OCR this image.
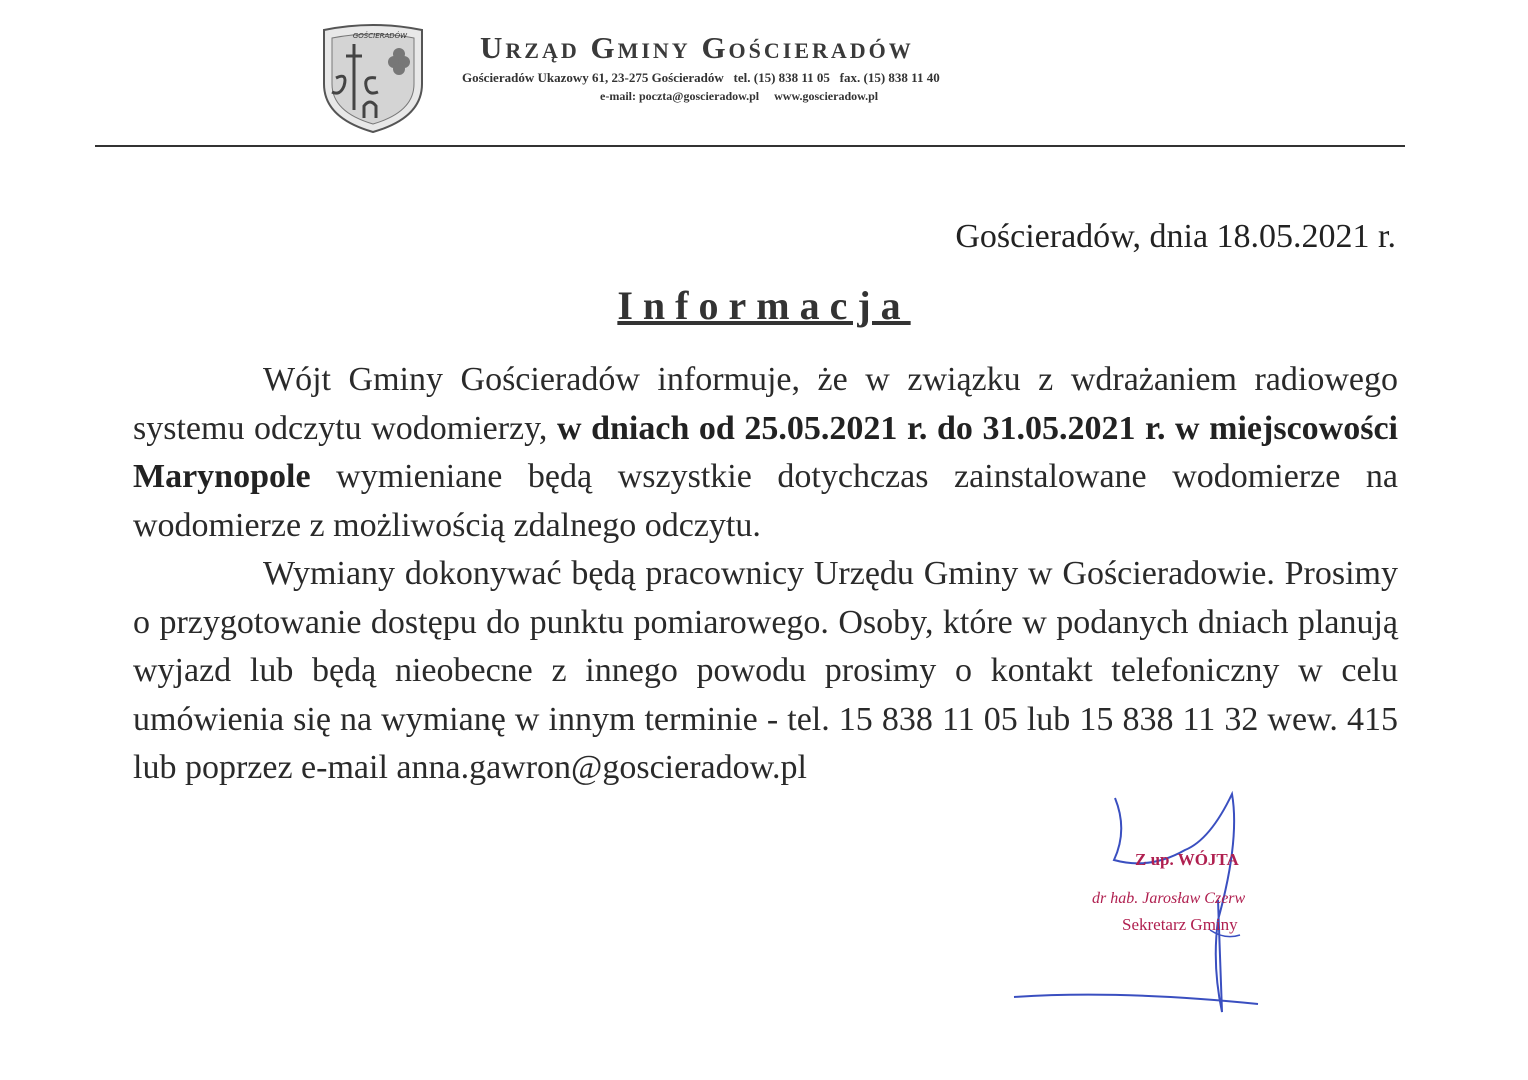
GOŚCIERADÓW Urząd Gminy Gościeradów
Gościeradów Ukazowy 61, 23-275 Gościeradów   tel. (15) 838 11 05   fax. (15) 838 11 40
e-mail: poczta@goscieradow.pl     www.goscieradow.pl
Gościeradów, dnia 18.05.2021 r.
Informacja

Wójt Gminy Gościeradów informuje, że w związku z wdrażaniem radiowego systemu odczytu wodomierzy, w dniach od 25.05.2021 r. do 31.05.2021 r. w miejscowości Marynopole wymieniane będą wszystkie dotychczas zainstalowane wodomierze na wodomierze z możliwością zdalnego odczytu.

Wymiany dokonywać będą pracownicy Urzędu Gminy w Gościeradowie. Prosimy o przygotowanie dostępu do punktu pomiarowego. Osoby, które w podanych dniach planują wyjazd lub będą nieobecne z innego powodu prosimy o kontakt telefoniczny w celu umówienia się na wymianę w innym terminie - tel. 15 838 11 05 lub 15 838 11 32 wew. 415 lub poprzez e-mail anna.gawron@goscieradow.pl

Z up. WÓJTA
dr hab. Jarosław Czerw
Sekretarz Gminy
